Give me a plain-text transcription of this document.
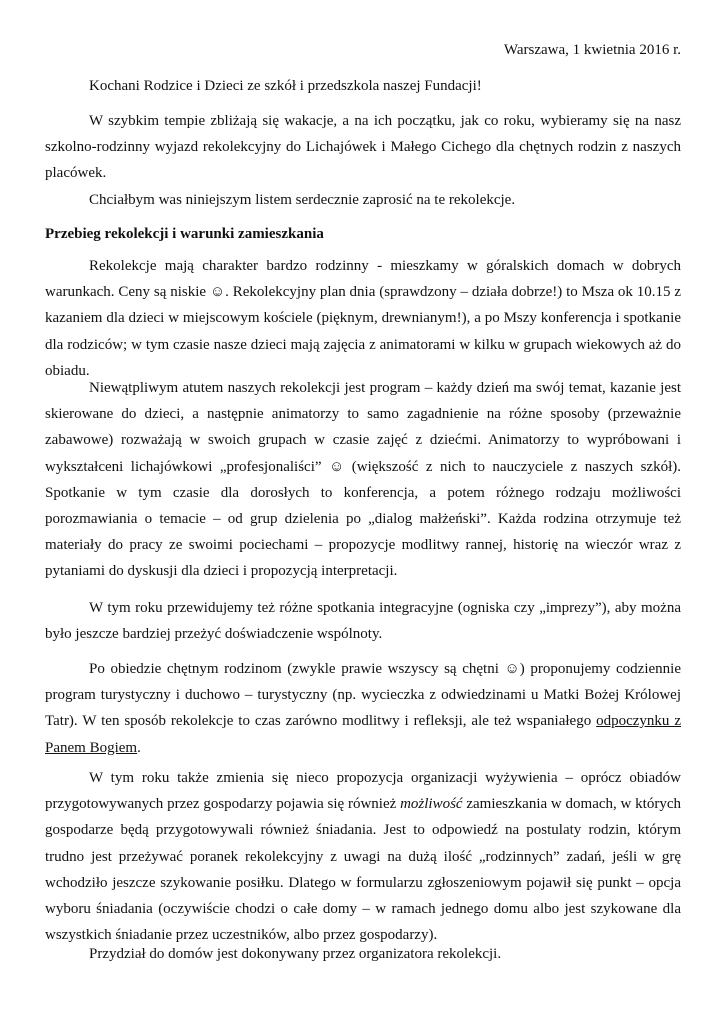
Warszawa, 1 kwietnia 2016 r.

Kochani Rodzice i Dzieci ze szkół i przedszkola naszej Fundacji!

W szybkim tempie zbliżają się wakacje, a na ich początku, jak co roku, wybieramy się na nasz szkolno-rodzinny wyjazd rekolekcyjny do Lichajówek i Małego Cichego dla chętnych rodzin z naszych placówek.

Chciałbym was niniejszym listem serdecznie zaprosić na te rekolekcje.

Przebieg rekolekcji i warunki zamieszkania

Rekolekcje mają charakter bardzo rodzinny - mieszkamy w góralskich domach w dobrych warunkach. Ceny są niskie ☺. Rekolekcyjny plan dnia (sprawdzony – działa dobrze!) to Msza ok 10.15 z kazaniem dla dzieci w miejscowym kościele (pięknym, drewnianym!), a po Mszy konferencja i spotkanie dla rodziców; w tym czasie nasze dzieci mają zajęcia z animatorami w kilku w grupach wiekowych aż do obiadu.

Niewątpliwym atutem naszych rekolekcji jest program – każdy dzień ma swój temat, kazanie jest skierowane do dzieci, a następnie animatorzy to samo zagadnienie na różne sposoby (przeważnie zabawowe) rozważają w swoich grupach w czasie zajęć z dziećmi. Animatorzy to wypróbowani i wykształceni lichajówkowi „profesjonaliści” ☺ (większość z nich to nauczyciele z naszych szkół). Spotkanie w tym czasie dla dorosłych to konferencja, a potem różnego rodzaju możliwości porozmawiania o temacie – od grup dzielenia po „dialog małżeński”. Każda rodzina otrzymuje też materiały do pracy ze swoimi pociechami – propozycje modlitwy rannej, historię na wieczór wraz z pytaniami do dyskusji dla dzieci i propozycją interpretacji.

W tym roku przewidujemy też różne spotkania integracyjne (ogniska czy „imprezy”), aby można było jeszcze bardziej przeżyć doświadczenie wspólnoty.

Po obiedzie chętnym rodzinom (zwykle prawie wszyscy są chętni ☺) proponujemy codziennie program turystyczny i duchowo – turystyczny (np. wycieczka z odwiedzinami u Matki Bożej Królowej Tatr). W ten sposób rekolekcje to czas zarówno modlitwy i refleksji, ale też wspaniałego odpoczynku z Panem Bogiem.

W tym roku także zmienia się nieco propozycja organizacji wyżywienia – oprócz obiadów przygotowywanych przez gospodarzy pojawia się również możliwość zamieszkania w domach, w których gospodarze będą przygotowywali również śniadania. Jest to odpowiedź na postulaty rodzin, którym trudno jest przeżywać poranek rekolekcyjny z uwagi na dużą ilość „rodzinnych” zadań, jeśli w grę wchodziło jeszcze szykowanie posiłku. Dlatego w formularzu zgłoszeniowym pojawił się punkt – opcja wyboru śniadania (oczywiście chodzi o całe domy – w ramach jednego domu albo jest szykowane dla wszystkich śniadanie przez uczestników, albo przez gospodarzy).

Przydział do domów jest dokonywany przez organizatora rekolekcji.
